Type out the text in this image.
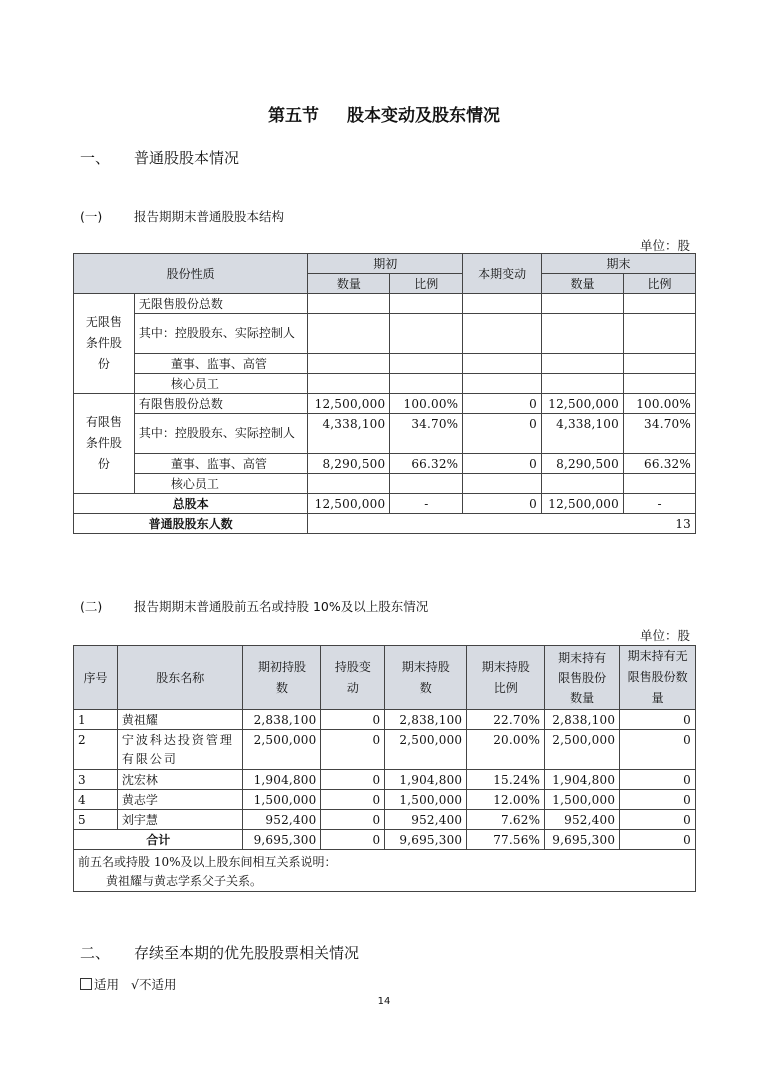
第五节 股本变动及股东情况
一、 普通股股本情况
(一)	报告期期末普通股股本结构
单位：股
股份性质		期初		本期变动	期末	
		数量	比例		数量	比例
无限售条件股份	无限售股份总数					
	其中：控股股东、实际控制人					
	董事、监事、高管					
	核心员工					
有限售条件股份	有限售股份总数	12,500,000	100.00%	0	12,500,000	100.00%
	其中：控股股东、实际控制人	4,338,100	34.70%	0	4,338,100	34.70%
	董事、监事、高管	8,290,500	66.32%	0	8,290,500	66.32%
	核心员工					
总股本		12,500,000	-	0	12,500,000	-
普通股股东人数		13				
(二)	报告期期末普通股前五名或持股 10%及以上股东情况
单位：股
序号	股东名称	期初持股数	持股变动	期末持股数	期末持股比例	期末持有限售股份数量	期末持有无限售股份数量
1	黄祖耀	2,838,100	0	2,838,100	22.70%	2,838,100	0
2	宁波科达投资管理有限公司	2,500,000	0	2,500,000	20.00%	2,500,000	0
3	沈宏林	1,904,800	0	1,904,800	15.24%	1,904,800	0
4	黄志学	1,500,000	0	1,500,000	12.00%	1,500,000	0
5	刘宇慧	952,400	0	952,400	7.62%	952,400	0
合计		9,695,300	0	9,695,300	77.56%	9,695,300	0

前五名或持股 10%及以上股东间相互关系说明：
黄祖耀与黄志学系父子关系。							
二、 存续至本期的优先股股票相关情况
适用 √不适用
14
